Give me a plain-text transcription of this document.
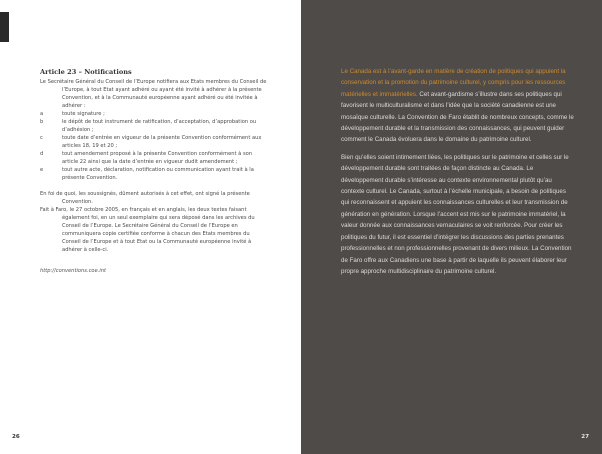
Article 23 – Notifications

Le Secrétaire Général du Conseil de l’Europe notifiera aux Etats membres du Conseil de l’Europe, à tout Etat ayant adhéré ou ayant été invité à adhérer à la présente Convention, et à la Communauté européenne ayant adhéré ou été invitée à adhérer :

a	toute signature ;
b	le dépôt de tout instrument de ratification, d’acceptation, d’approbation ou d’adhésion ;
c	toute date d’entrée en vigueur de la présente Convention conformément aux articles 18, 19 et 20 ;
d	tout amendement proposé à la présente Convention conformément à son article 22 ainsi que la date d’entrée en vigueur dudit amendement ;
e	tout autre acte, déclaration, notification ou communication ayant trait à la présente Convention.

En foi de quoi, les soussignés, dûment autorisés à cet effet, ont signé la présente Convention.

Fait à Faro, le 27 octobre 2005, en français et en anglais, les deux textes faisant également foi, en un seul exemplaire qui sera déposé dans les archives du Conseil de l’Europe. Le Secrétaire Général du Conseil de l’Europe en communiquera copie certifiée conforme à chacun des Etats membres du Conseil de l’Europe et à tout Etat ou la Communauté européenne invité à adhérer à celle-ci.

http://conventions.coe.int
26

Le Canada est à l’avant-garde en matière de création de politiques qui appuient la conservation et la promotion du patrimoine culturel, y compris pour les ressources matérielles et immatérielles. Cet avant-gardisme s’illustre dans ses politiques qui favorisent le multiculturalisme et dans l’idée que la société canadienne est une mosaïque culturelle. La Convention de Faro établit de nombreux concepts, comme le développement durable et la transmission des connaissances, qui peuvent guider comment le Canada évoluera dans le domaine du patrimoine culturel.

Bien qu’elles soient intimement liées, les politiques sur le patrimoine et celles sur le développement durable sont traitées de façon distincte au Canada. Le développement durable s’intéresse au contexte environnemental plutôt qu’au contexte culturel. Le Canada, surtout à l’échelle municipale, a besoin de politiques qui reconnaissent et appuient les connaissances culturelles et leur transmission de génération en génération. Lorsque l’accent est mis sur le patrimoine immatériel, la valeur donnée aux connaissances vernaculaires se voit renforcée. Pour créer les politiques du futur, il est essentiel d’intégrer les discussions des parties prenantes professionnelles et non professionnelles provenant de divers milieux. La Convention de Faro offre aux Canadiens une base à partir de laquelle ils peuvent élaborer leur propre approche multidisciplinaire du patrimoine culturel.

27
